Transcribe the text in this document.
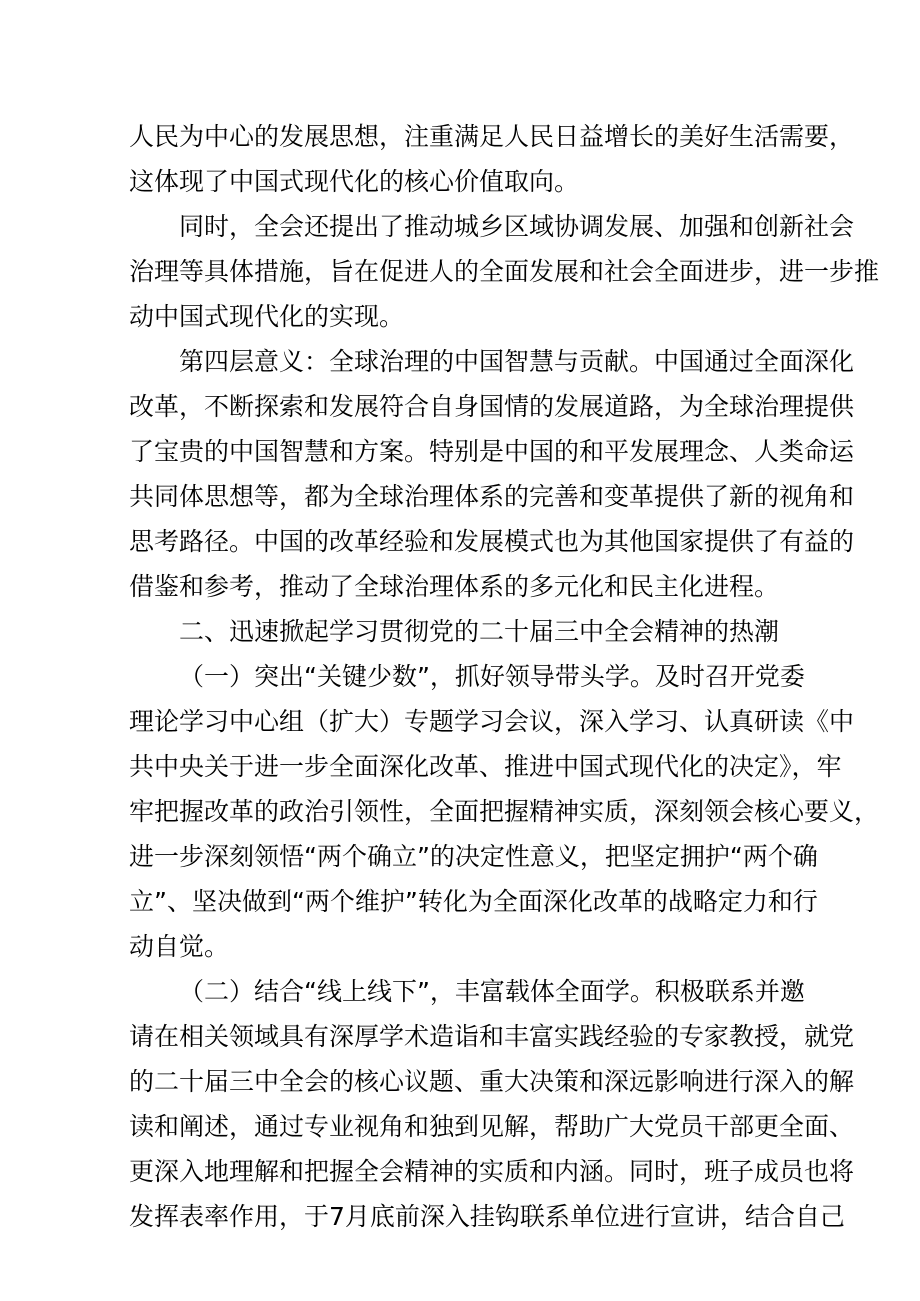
人民为中心的发展思想，注重满足人民日益增长的美好生活需要，
这体现了中国式现代化的核心价值取向。
同时，全会还提出了推动城乡区域协调发展、加强和创新社会
治理等具体措施，旨在促进人的全面发展和社会全面进步，进一步推
动中国式现代化的实现。
第四层意义：全球治理的中国智慧与贡献。中国通过全面深化
改革，不断探索和发展符合自身国情的发展道路，为全球治理提供
了宝贵的中国智慧和方案。特别是中国的和平发展理念、人类命运
共同体思想等，都为全球治理体系的完善和变革提供了新的视角和
思考路径。中国的改革经验和发展模式也为其他国家提供了有益的
借鉴和参考，推动了全球治理体系的多元化和民主化进程。
二、迅速掀起学习贯彻党的二十届三中全会精神的热潮
（一）突出“关键少数”，抓好领导带头学。及时召开党委
理论学习中心组（扩大）专题学习会议，深入学习、认真研读《中
共中央关于进一步全面深化改革、推进中国式现代化的决定》，牢
牢把握改革的政治引领性，全面把握精神实质，深刻领会核心要义，
进一步深刻领悟“两个确立”的决定性意义，把坚定拥护“两个确
立”、坚决做到“两个维护”转化为全面深化改革的战略定力和行
动自觉。
（二）结合“线上线下”，丰富载体全面学。积极联系并邀
请在相关领域具有深厚学术造诣和丰富实践经验的专家教授，就党
的二十届三中全会的核心议题、重大决策和深远影响进行深入的解
读和阐述，通过专业视角和独到见解，帮助广大党员干部更全面、
更深入地理解和把握全会精神的实质和内涵。同时，班子成员也将
发挥表率作用，于7月底前深入挂钩联系单位进行宣讲，结合自己
